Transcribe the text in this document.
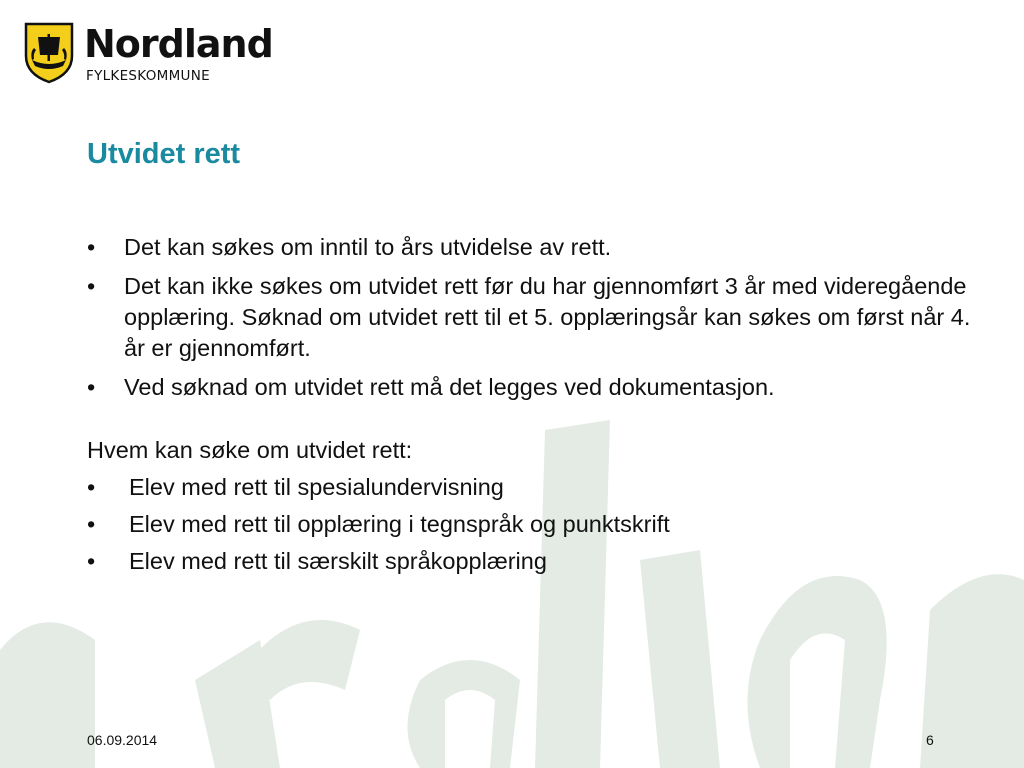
Nordland
FYLKESKOMMUNE
Utvidet rett
• Det kan søkes om inntil to års utvidelse av rett.
• Det kan ikke søkes om utvidet rett før du har gjennomført 3 år med videregående opplæring. Søknad om utvidet rett til et 5. opplæringsår kan søkes om først når 4. år er gjennomført.
• Ved søknad om utvidet rett må det legges ved dokumentasjon.
Hvem kan søke om utvidet rett:
• Elev med rett til spesialundervisning
• Elev med rett til opplæring i tegnspråk og punktskrift
• Elev med rett til særskilt språkopplæring
06.09.2014	6
